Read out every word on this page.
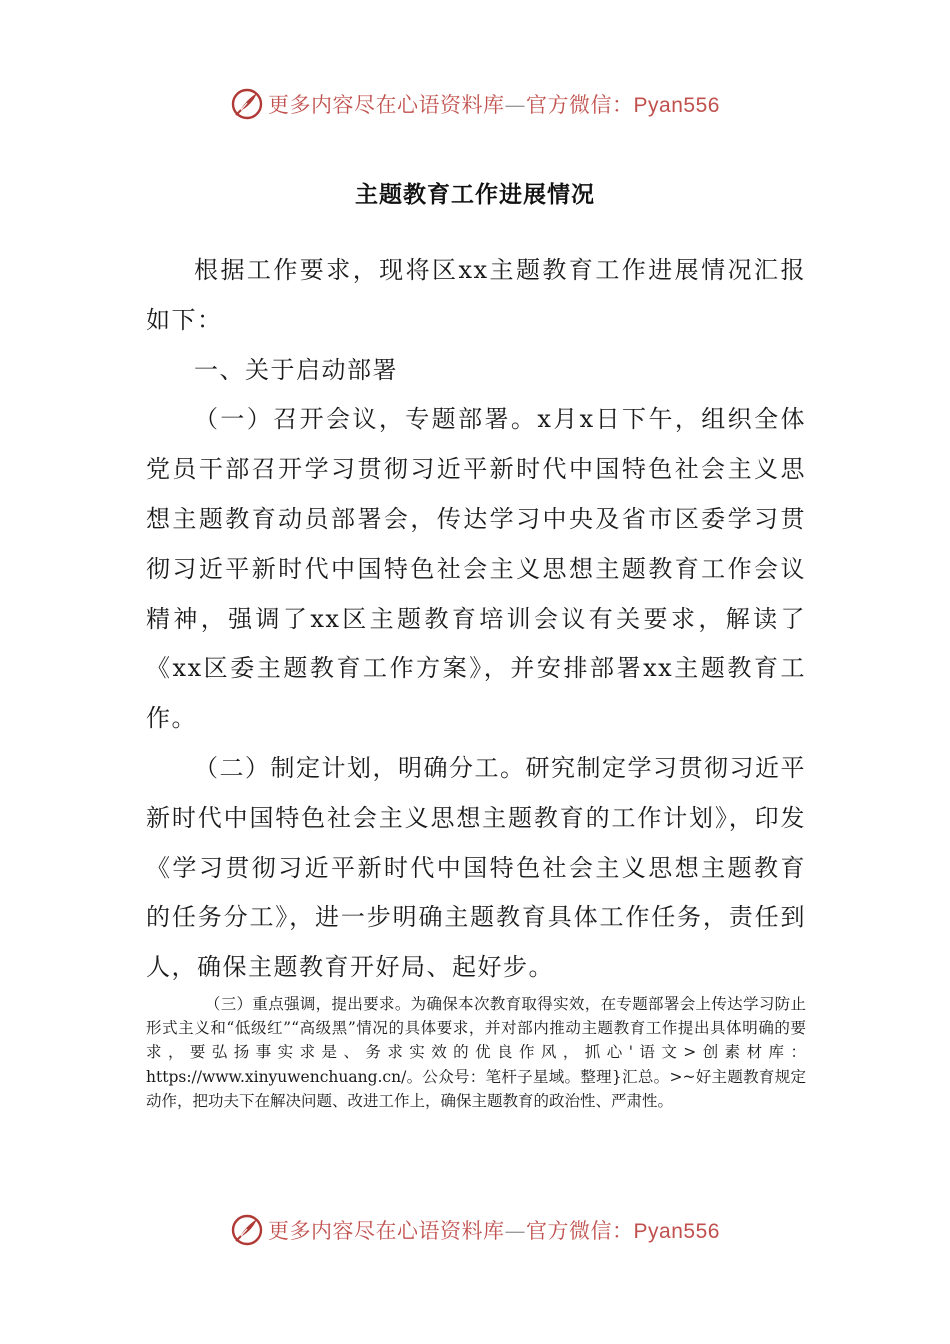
更多内容尽在心语资料库—官方微信：Pyan556
主题教育工作进展情况

根据工作要求，现将区xx主题教育工作进展情况汇报如下：

一、关于启动部署

（一）召开会议，专题部署。x月x日下午，组织全体党员干部召开学习贯彻习近平新时代中国特色社会主义思想主题教育动员部署会，传达学习中央及省市区委学习贯彻习近平新时代中国特色社会主义思想主题教育工作会议精神，强调了xx区主题教育培训会议有关要求，解读了《xx区委主题教育工作方案》，并安排部署xx主题教育工作。

（二）制定计划，明确分工。研究制定学习贯彻习近平新时代中国特色社会主义思想主题教育的工作计划》，印发《学习贯彻习近平新时代中国特色社会主义思想主题教育的任务分工》，进一步明确主题教育具体工作任务，责任到人，确保主题教育开好局、起好步。

（三）重点强调，提出要求。为确保本次教育取得实效，在专题部署会上传达学习防止形式主义和“低级红”“高级黑”情况的具体要求，并对部内推动主题教育工作提出具体明确的要求，要弘扬事实求是、务求实效的优良作风，抓心'语文>创素材库：https://www.xinyuwenchuang.cn/。公众号：笔杆子星域。整理}汇总。>~好主题教育规定动作，把功夫下在解决问题、改进工作上，确保主题教育的政治性、严肃性。

更多内容尽在心语资料库—官方微信：Pyan556
